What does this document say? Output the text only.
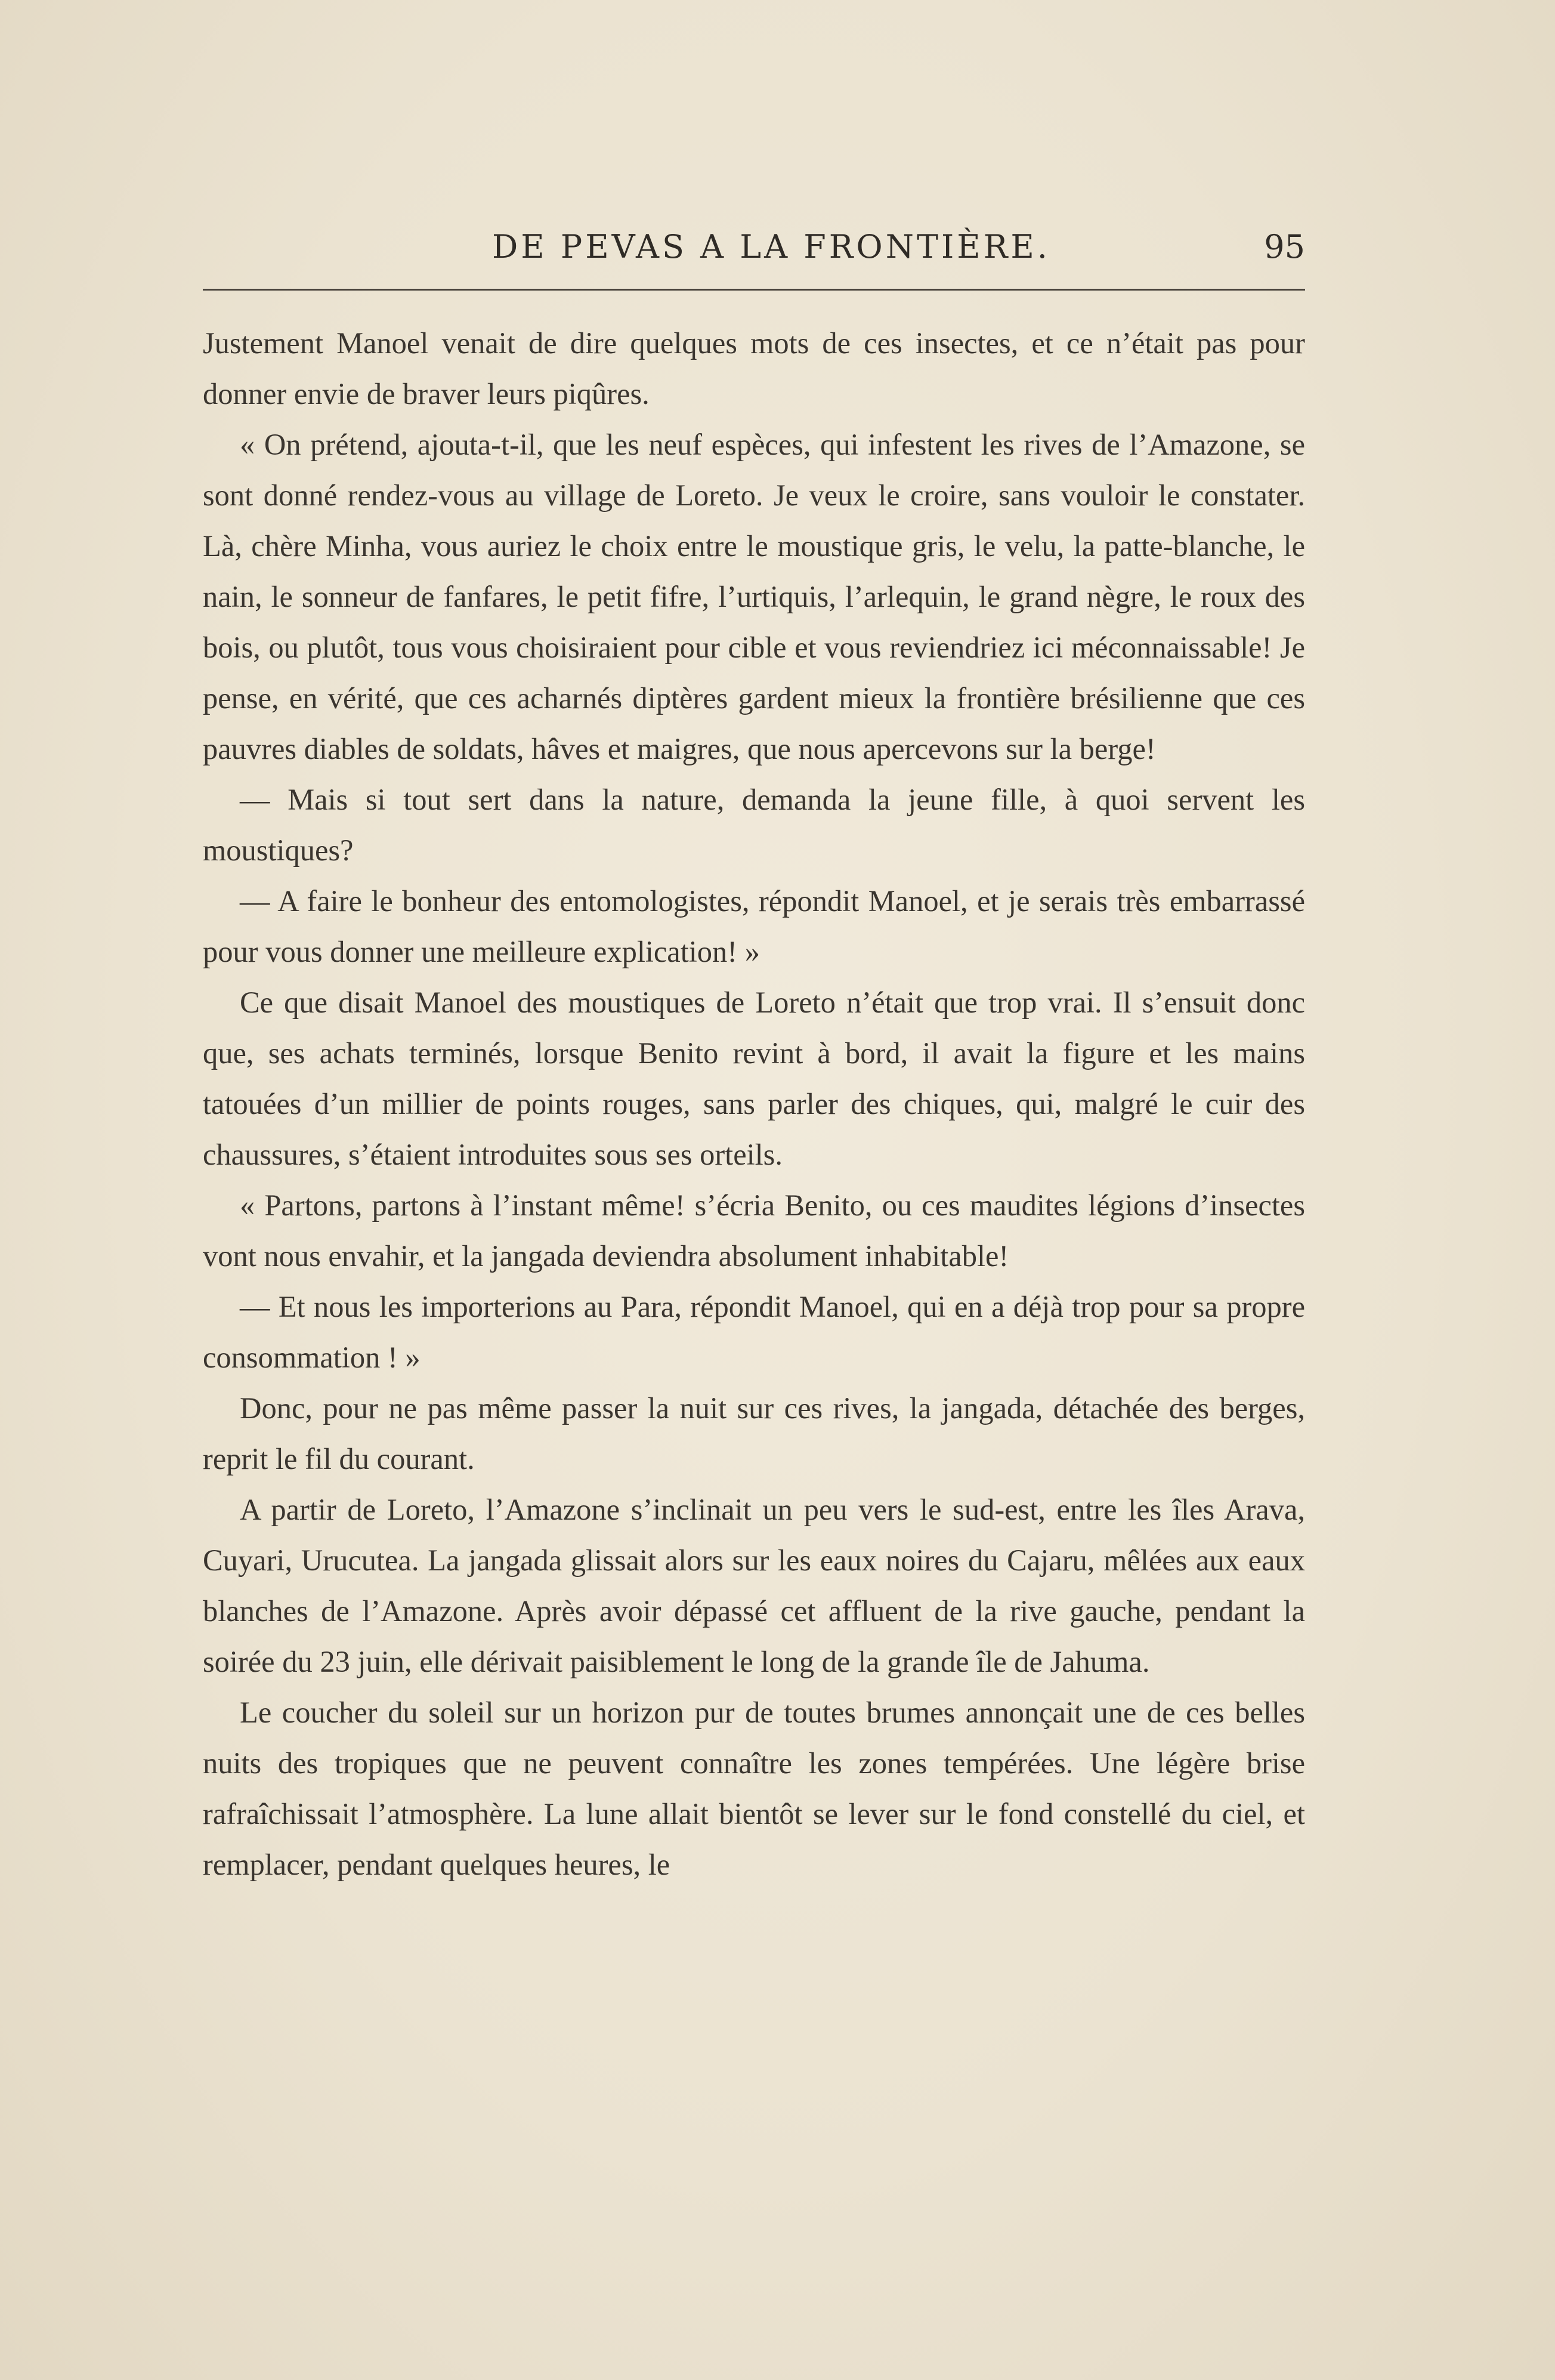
DE PEVAS A LA FRONTIÈRE.	95

Justement Manoel venait de dire quelques mots de ces insectes, et ce n’était pas pour donner envie de braver leurs piqûres.

« On prétend, ajouta-t-il, que les neuf espèces, qui infestent les rives de l’Amazone, se sont donné rendez-vous au village de Loreto. Je veux le croire, sans vouloir le constater. Là, chère Minha, vous auriez le choix entre le moustique gris, le velu, la patte-blanche, le nain, le sonneur de fanfares, le petit fifre, l’urtiquis, l’arlequin, le grand nègre, le roux des bois, ou plutôt, tous vous choisiraient pour cible et vous reviendriez ici méconnaissable! Je pense, en vérité, que ces acharnés diptères gardent mieux la frontière brésilienne que ces pauvres diables de soldats, hâves et maigres, que nous apercevons sur la berge!

— Mais si tout sert dans la nature, demanda la jeune fille, à quoi servent les moustiques?

— A faire le bonheur des entomologistes, répondit Manoel, et je serais très embarrassé pour vous donner une meilleure explication! »

Ce que disait Manoel des moustiques de Loreto n’était que trop vrai. Il s’ensuit donc que, ses achats terminés, lorsque Benito revint à bord, il avait la figure et les mains tatouées d’un millier de points rouges, sans parler des chiques, qui, malgré le cuir des chaussures, s’étaient introduites sous ses orteils.

« Partons, partons à l’instant même! s’écria Benito, ou ces maudites légions d’insectes vont nous envahir, et la jangada deviendra absolument inhabitable!

— Et nous les importerions au Para, répondit Manoel, qui en a déjà trop pour sa propre consommation ! »

Donc, pour ne pas même passer la nuit sur ces rives, la jangada, détachée des berges, reprit le fil du courant.

A partir de Loreto, l’Amazone s’inclinait un peu vers le sud-est, entre les îles Arava, Cuyari, Urucutea. La jangada glissait alors sur les eaux noires du Cajaru, mêlées aux eaux blanches de l’Amazone. Après avoir dépassé cet affluent de la rive gauche, pendant la soirée du 23 juin, elle dérivait paisiblement le long de la grande île de Jahuma.

Le coucher du soleil sur un horizon pur de toutes brumes annonçait une de ces belles nuits des tropiques que ne peuvent connaître les zones tempérées. Une légère brise rafraîchissait l’atmosphère. La lune allait bientôt se lever sur le fond constellé du ciel, et remplacer, pendant quelques heures, le
